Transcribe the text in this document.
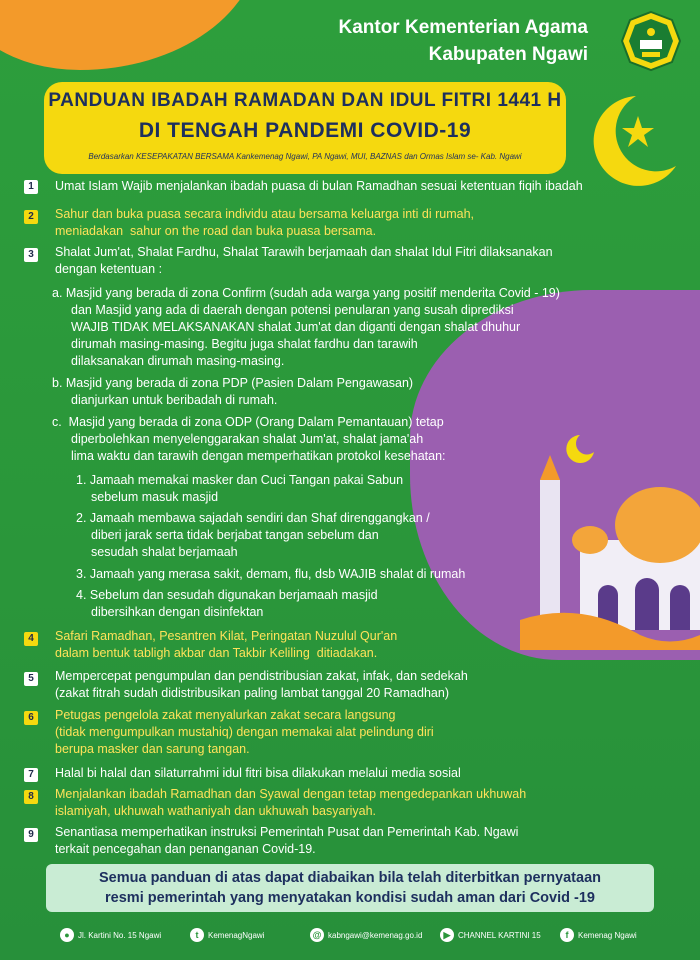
Kantor Kementerian Agama
Kabupaten Ngawi
PANDUAN IBADAH RAMADAN DAN IDUL FITRI 1441 H
DI TENGAH PANDEMI COVID-19
Berdasarkan KESEPAKATAN BERSAMA Kankemenag Ngawi, PA Ngawi, MUI, BAZNAS dan Ormas Islam se- Kab. Ngawi
1	Umat Islam Wajib menjalankan ibadah puasa di bulan Ramadhan sesuai ketentuan fiqih ibadah
2	Sahur dan buka puasa secara individu atau bersama keluarga inti di rumah,
meniadakan  sahur on the road dan buka puasa bersama.
3	Shalat Jum'at, Shalat Fardhu, Shalat Tarawih berjamaah dan shalat Idul Fitri dilaksanakan
dengan ketentuan :
a. Masjid yang berada di zona Confirm (sudah ada warga yang positif menderita Covid - 19)
dan Masjid yang ada di daerah dengan potensi penularan yang susah diprediksi
WAJIB TIDAK MELAKSANAKAN shalat Jum'at dan diganti dengan shalat dhuhur
dirumah masing-masing. Begitu juga shalat fardhu dan tarawih
dilaksanakan dirumah masing-masing.
b. Masjid yang berada di zona PDP (Pasien Dalam Pengawasan)
dianjurkan untuk beribadah di rumah.
c.  Masjid yang berada di zona ODP (Orang Dalam Pemantauan) tetap
diperbolehkan menyelenggarakan shalat Jum'at, shalat jama'ah
lima waktu dan tarawih dengan memperhatikan protokol kesehatan:
1. Jamaah memakai masker dan Cuci Tangan pakai Sabun
sebelum masuk masjid
2. Jamaah membawa sajadah sendiri dan Shaf direnggangkan /
diberi jarak serta tidak berjabat tangan sebelum dan
sesudah shalat berjamaah
3. Jamaah yang merasa sakit, demam, flu, dsb WAJIB shalat di rumah
4. Sebelum dan sesudah digunakan berjamaah masjid
dibersihkan dengan disinfektan
4	Safari Ramadhan, Pesantren Kilat, Peringatan Nuzulul Qur'an
dalam bentuk tabligh akbar dan Takbir Keliling  ditiadakan.
5	Mempercepat pengumpulan dan pendistribusian zakat, infak, dan sedekah
(zakat fitrah sudah didistribusikan paling lambat tanggal 20 Ramadhan)
6	Petugas pengelola zakat menyalurkan zakat secara langsung
(tidak mengumpulkan mustahiq) dengan memakai alat pelindung diri
berupa masker dan sarung tangan.
7	Halal bi halal dan silaturrahmi idul fitri bisa dilakukan melalui media sosial
8	Menjalankan ibadah Ramadhan dan Syawal dengan tetap mengedepankan ukhuwah
islamiyah, ukhuwah wathaniyah dan ukhuwah basyariyah.
9	Senantiasa memperhatikan instruksi Pemerintah Pusat dan Pemerintah Kab. Ngawi
terkait pencegahan dan penanganan Covid-19.
Semua panduan di atas dapat diabaikan bila telah diterbitkan pernyataan
resmi pemerintah yang menyatakan kondisi sudah aman dari Covid -19
●	Jl. Kartini No. 15 Ngawi	t	KemenagNgawi	@ kabngawi@kemenag.go.id	▶ CHANNEL KARTINI 15	f	Kemenag Ngawi
